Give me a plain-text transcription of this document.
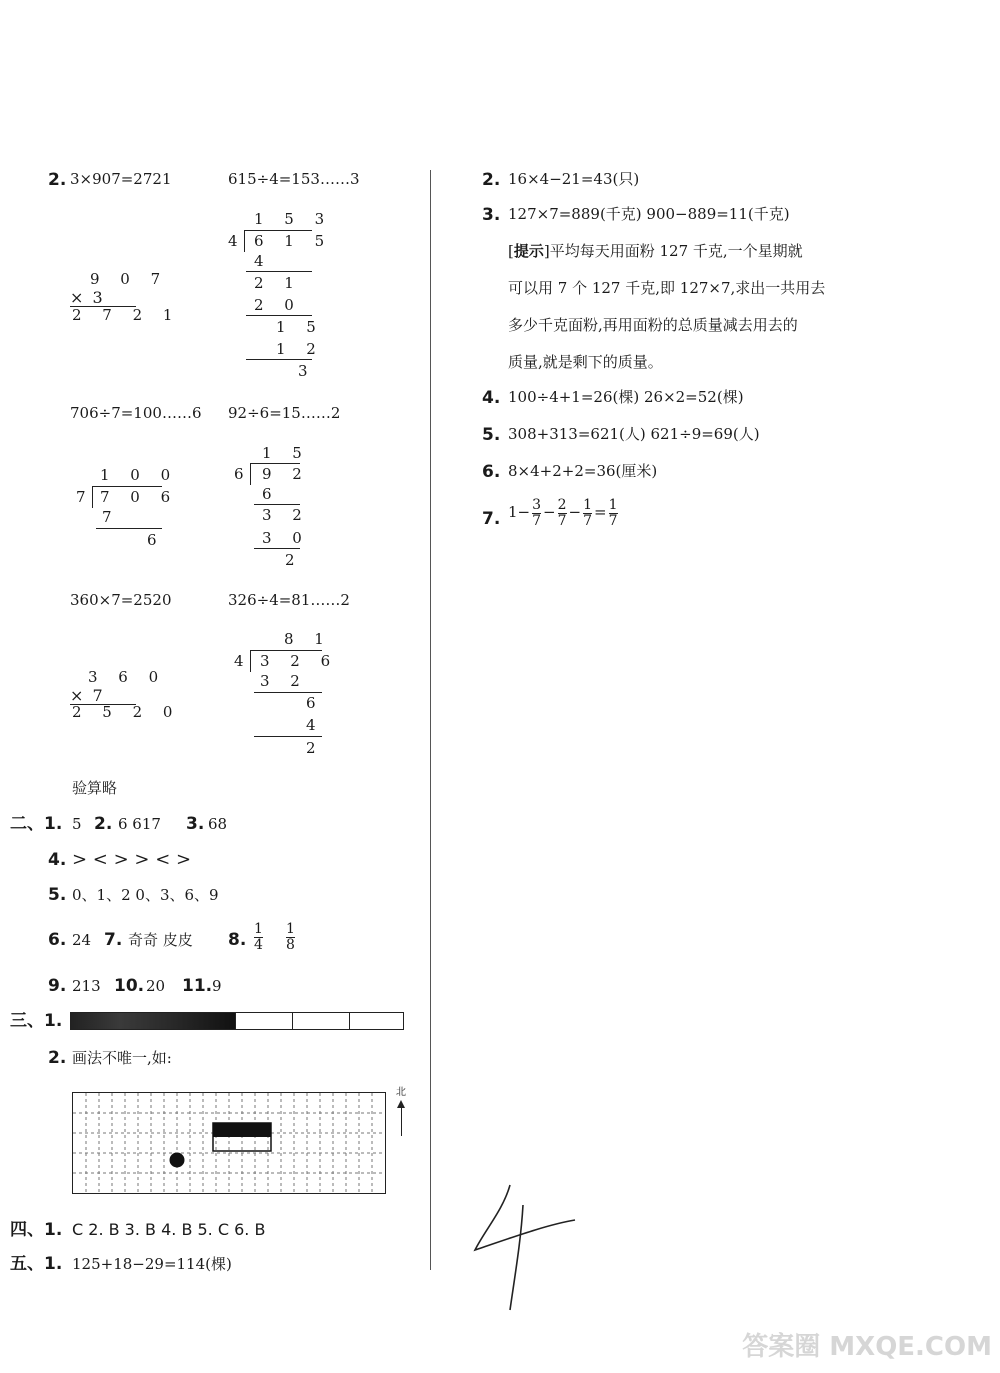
2. 3×907=2721	615÷4=153……3
1 5 3
4 6 1 5
4
2 1
2 0
1 5
1 2
3
9 0 7
× 3
2 7 2 1
706÷7=100……6 92÷6=15……2
1 0 0
7 7 0 6
7
6
1 5
6 9 2
6
3 2
3 0
2
360×7=2520	326÷4=81……2
8 1
4 3 2 6
3 2
6
4
2
3 6 0
× 7
2 5 2 0
验算略
二、1. 5 2. 6 617 3. 68
4. > < > > < >
5. 0、1、2 0、3、6、9
6. 24 7. 奇奇 皮皮 8. $\frac{1}{4}$
$\frac{1}{8}$
9. 213 10. 20 11. 9
三、1.
2. 画法不唯一,如:
北
四、1. C 2. B 3. B 4. B 5. C 6. B
五、1. 125+18−29=114(棵)
2. 16×4−21=43(只)
3. 127×7=889(千克) 900−889=11(千克)
[提示]平均每天用面粉 127 千克,一个星期就
可以用 7 个 127 千克,即 127×7,求出一共用去
多少千克面粉,再用面粉的总质量减去用去的
质量,就是剩下的质量。
4. 100÷4+1=26(棵) 26×2=52(棵)
5. 308+313=621(人) 621÷9=69(人)
6. 8×4+2+2=36(厘米)
7. $1- \frac{3}{7} - \frac{2}{7} - \frac{1}{7} = \frac{1}{7}$
答案圈 MXQE.COM
